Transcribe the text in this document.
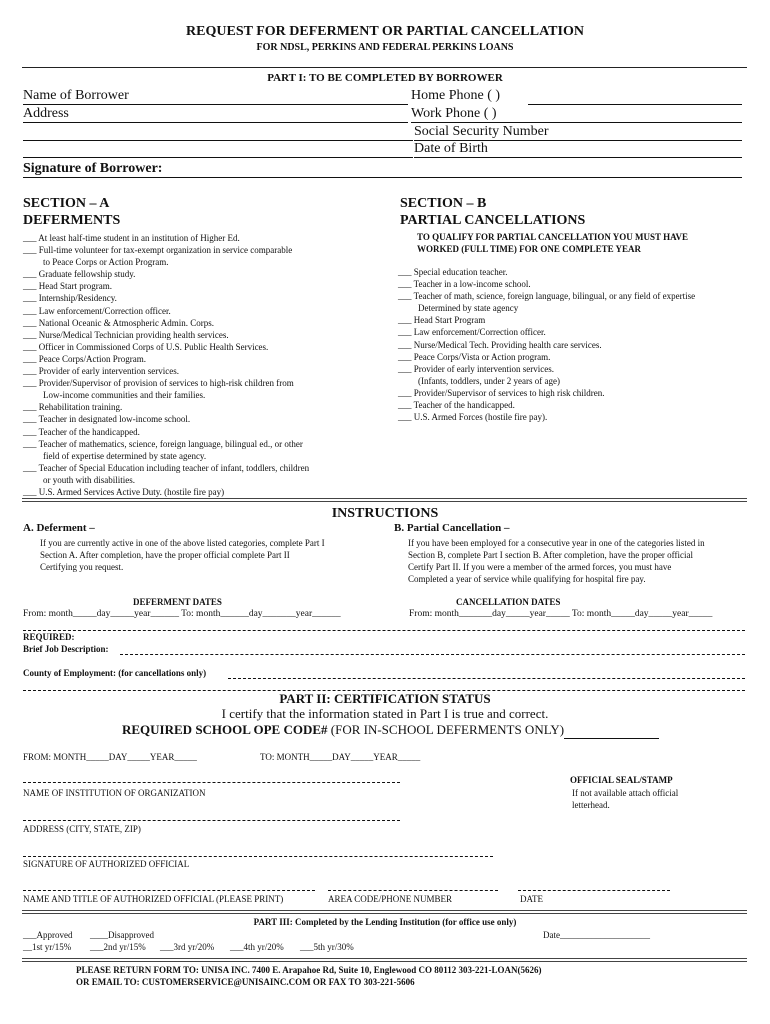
REQUEST FOR DEFERMENT OR PARTIAL CANCELLATION
FOR NDSL, PERKINS AND FEDERAL PERKINS LOANS
PART I: TO BE COMPLETED BY BORROWER
Name of Borrower	Home Phone ( )
Address	Work Phone ( )
Social Security Number
Date of Birth
Signature of Borrower:
SECTION – A
DEFERMENTS
___ At least half-time student in an institution of Higher Ed.
___ Full-time volunteer for tax-exempt organization in service comparable
to Peace Corps or Action Program.
___ Graduate fellowship study.
___ Head Start program.
___ Internship/Residency.
___ Law enforcement/Correction officer.
___ National Oceanic & Atmospheric Admin. Corps.
___ Nurse/Medical Technician providing health services.
___ Officer in Commissioned Corps of U.S. Public Health Services.
___ Peace Corps/Action Program.
___ Provider of early intervention services.
___ Provider/Supervisor of provision of services to high-risk children from
Low-income communities and their families.
___ Rehabilitation training.
___ Teacher in designated low-income school.
___ Teacher of the handicapped.
___ Teacher of mathematics, science, foreign language, bilingual ed., or other
field of expertise determined by state agency.
___ Teacher of Special Education including teacher of infant, toddlers, children
or youth with disabilities.
___ U.S. Armed Services Active Duty. (hostile fire pay)
SECTION – B
PARTIAL CANCELLATIONS
TO QUALIFY FOR PARTIAL CANCELLATION YOU MUST HAVE
WORKED (FULL TIME) FOR ONE COMPLETE YEAR
___ Special education teacher.
___ Teacher in a low-income school.
___ Teacher of math, science, foreign language, bilingual, or any field of expertise
Determined by state agency
___ Head Start Program
___ Law enforcement/Correction officer.
___ Nurse/Medical Tech. Providing health care services.
___ Peace Corps/Vista or Action program.
___ Provider of early intervention services.
(Infants, toddlers, under 2 years of age)
___ Provider/Supervisor of services to high risk children.
___ Teacher of the handicapped.
___ U.S. Armed Forces (hostile fire pay).
INSTRUCTIONS
A. Deferment –
If you are currently active in one of the above listed categories, complete Part I
Section A. After completion, have the proper official complete Part II
Certifying you request.
B. Partial Cancellation –
If you have been employed for a consecutive year in one of the categories listed in
Section B, complete Part I section B. After completion, have the proper official
Certify Part II. If you were a member of the armed forces, you must have
Completed a year of service while qualifying for hospital fire pay.
DEFERMENT DATES
From: month_____day_____year______ To: month______day_______year______
CANCELLATION DATES
From: month_______day_____year_____ To: month_____day_____year_____
REQUIRED:
Brief Job Description:
County of Employment: (for cancellations only)
PART II: CERTIFICATION STATUS
I certify that the information stated in Part I is true and correct.
REQUIRED SCHOOL OPE CODE# (FOR IN-SCHOOL DEFERMENTS ONLY)
FROM: MONTH_____DAY_____YEAR_____	TO: MONTH_____DAY_____YEAR_____
NAME OF INSTITUTION OF ORGANIZATION
OFFICIAL SEAL/STAMP
If not available attach official
letterhead.
ADDRESS (CITY, STATE, ZIP)
SIGNATURE OF AUTHORIZED OFFICIAL
NAME AND TITLE OF AUTHORIZED OFFICIAL (PLEASE PRINT)	AREA CODE/PHONE NUMBER	DATE
PART III: Completed by the Lending Institution (for office use only)
___Approved ____Disapproved	Date____________________
__1st yr/15% ___2nd yr/15% ___3rd yr/20% ___4th yr/20% ___5th yr/30%
PLEASE RETURN FORM TO: UNISA INC. 7400 E. Arapahoe Rd, Suite 10, Englewood CO 80112 303-221-LOAN(5626)
OR EMAIL TO: CUSTOMERSERVICE@UNISAINC.COM OR FAX TO 303-221-5606
